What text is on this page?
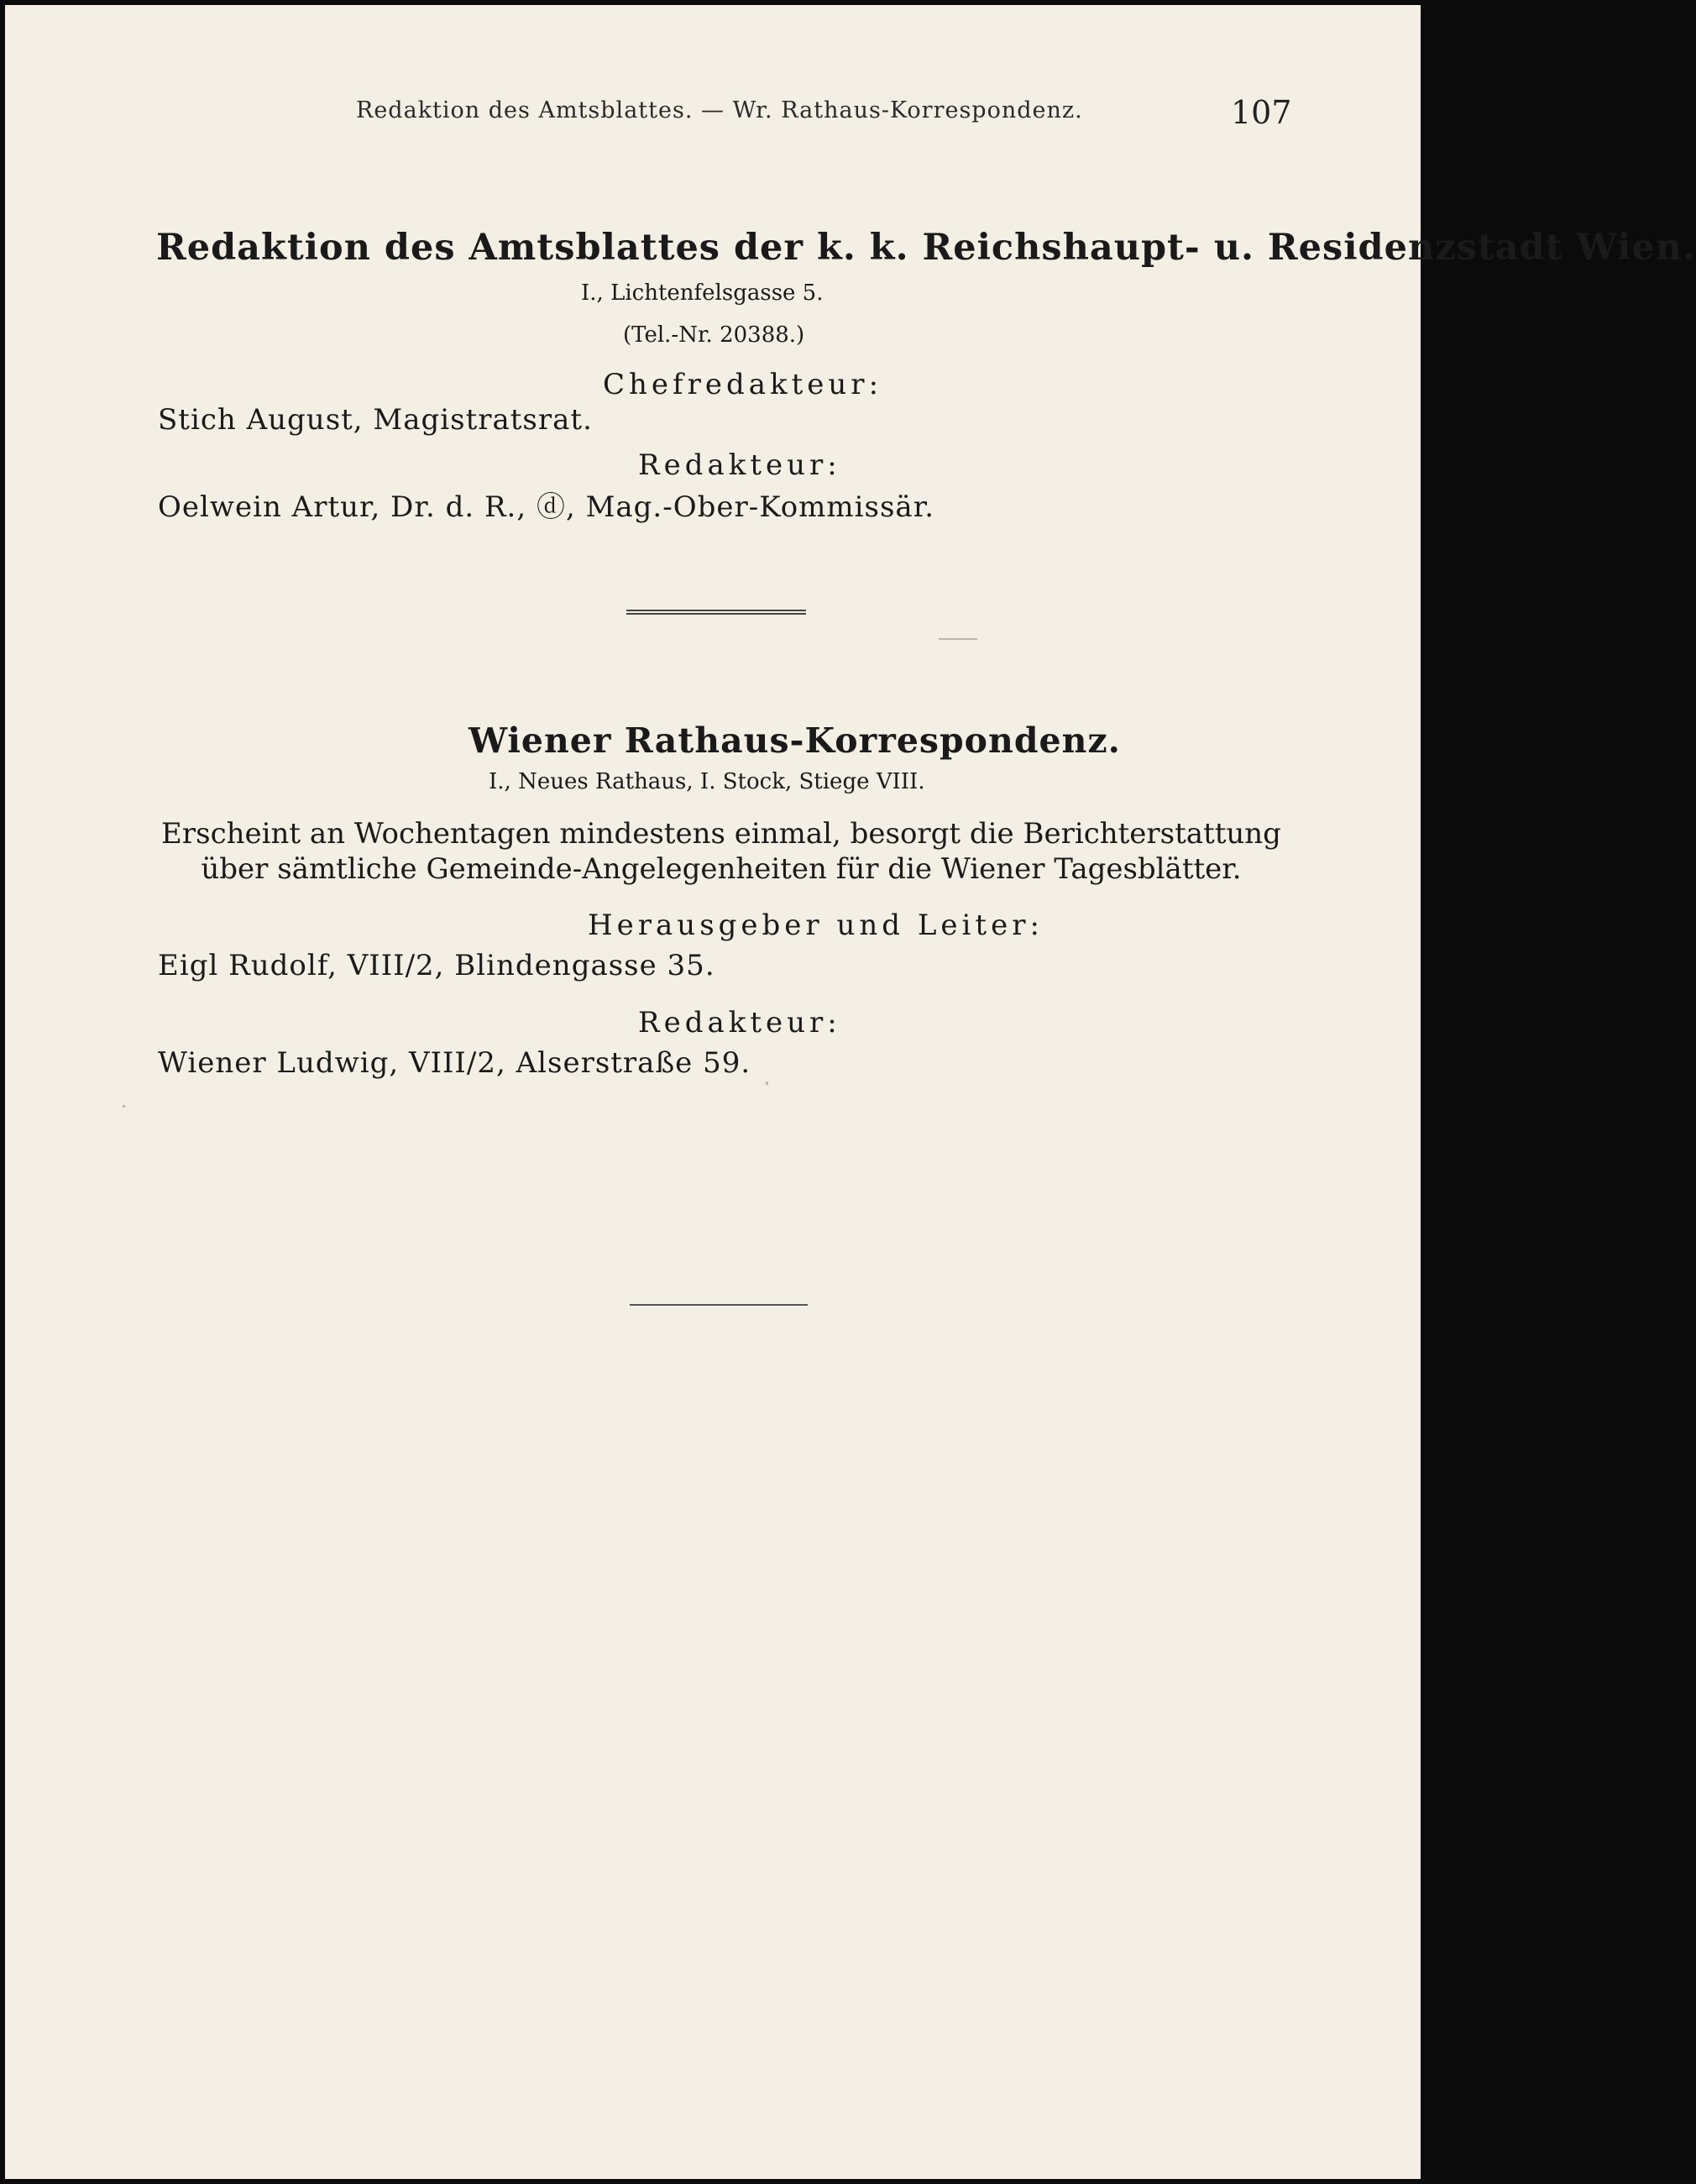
Redaktion des Amtsblattes. — Wr. Rathaus-Korrespondenz.	107
Redaktion des Amtsblattes der k. k. Reichshaupt- u. Residenzstadt Wien.
I., Lichtenfelsgasse 5.
(Tel.-Nr. 20388.)
Chefredakteur:
Stich August, Magistratsrat.
Redakteur:
Oelwein Artur, Dr. d. R., ⓓ, Mag.-Ober-Kommissär.
Wiener Rathaus-Korrespondenz.
I., Neues Rathaus, I. Stock, Stiege VIII.
Erscheint an Wochentagen mindestens einmal, besorgt die Berichterstattung über sämtliche Gemeinde-Angelegenheiten für die Wiener Tagesblätter.
Herausgeber und Leiter:
Eigl Rudolf, VIII/2, Blindengasse 35.
Redakteur:
Wiener Ludwig, VIII/2, Alserstraße 59.
